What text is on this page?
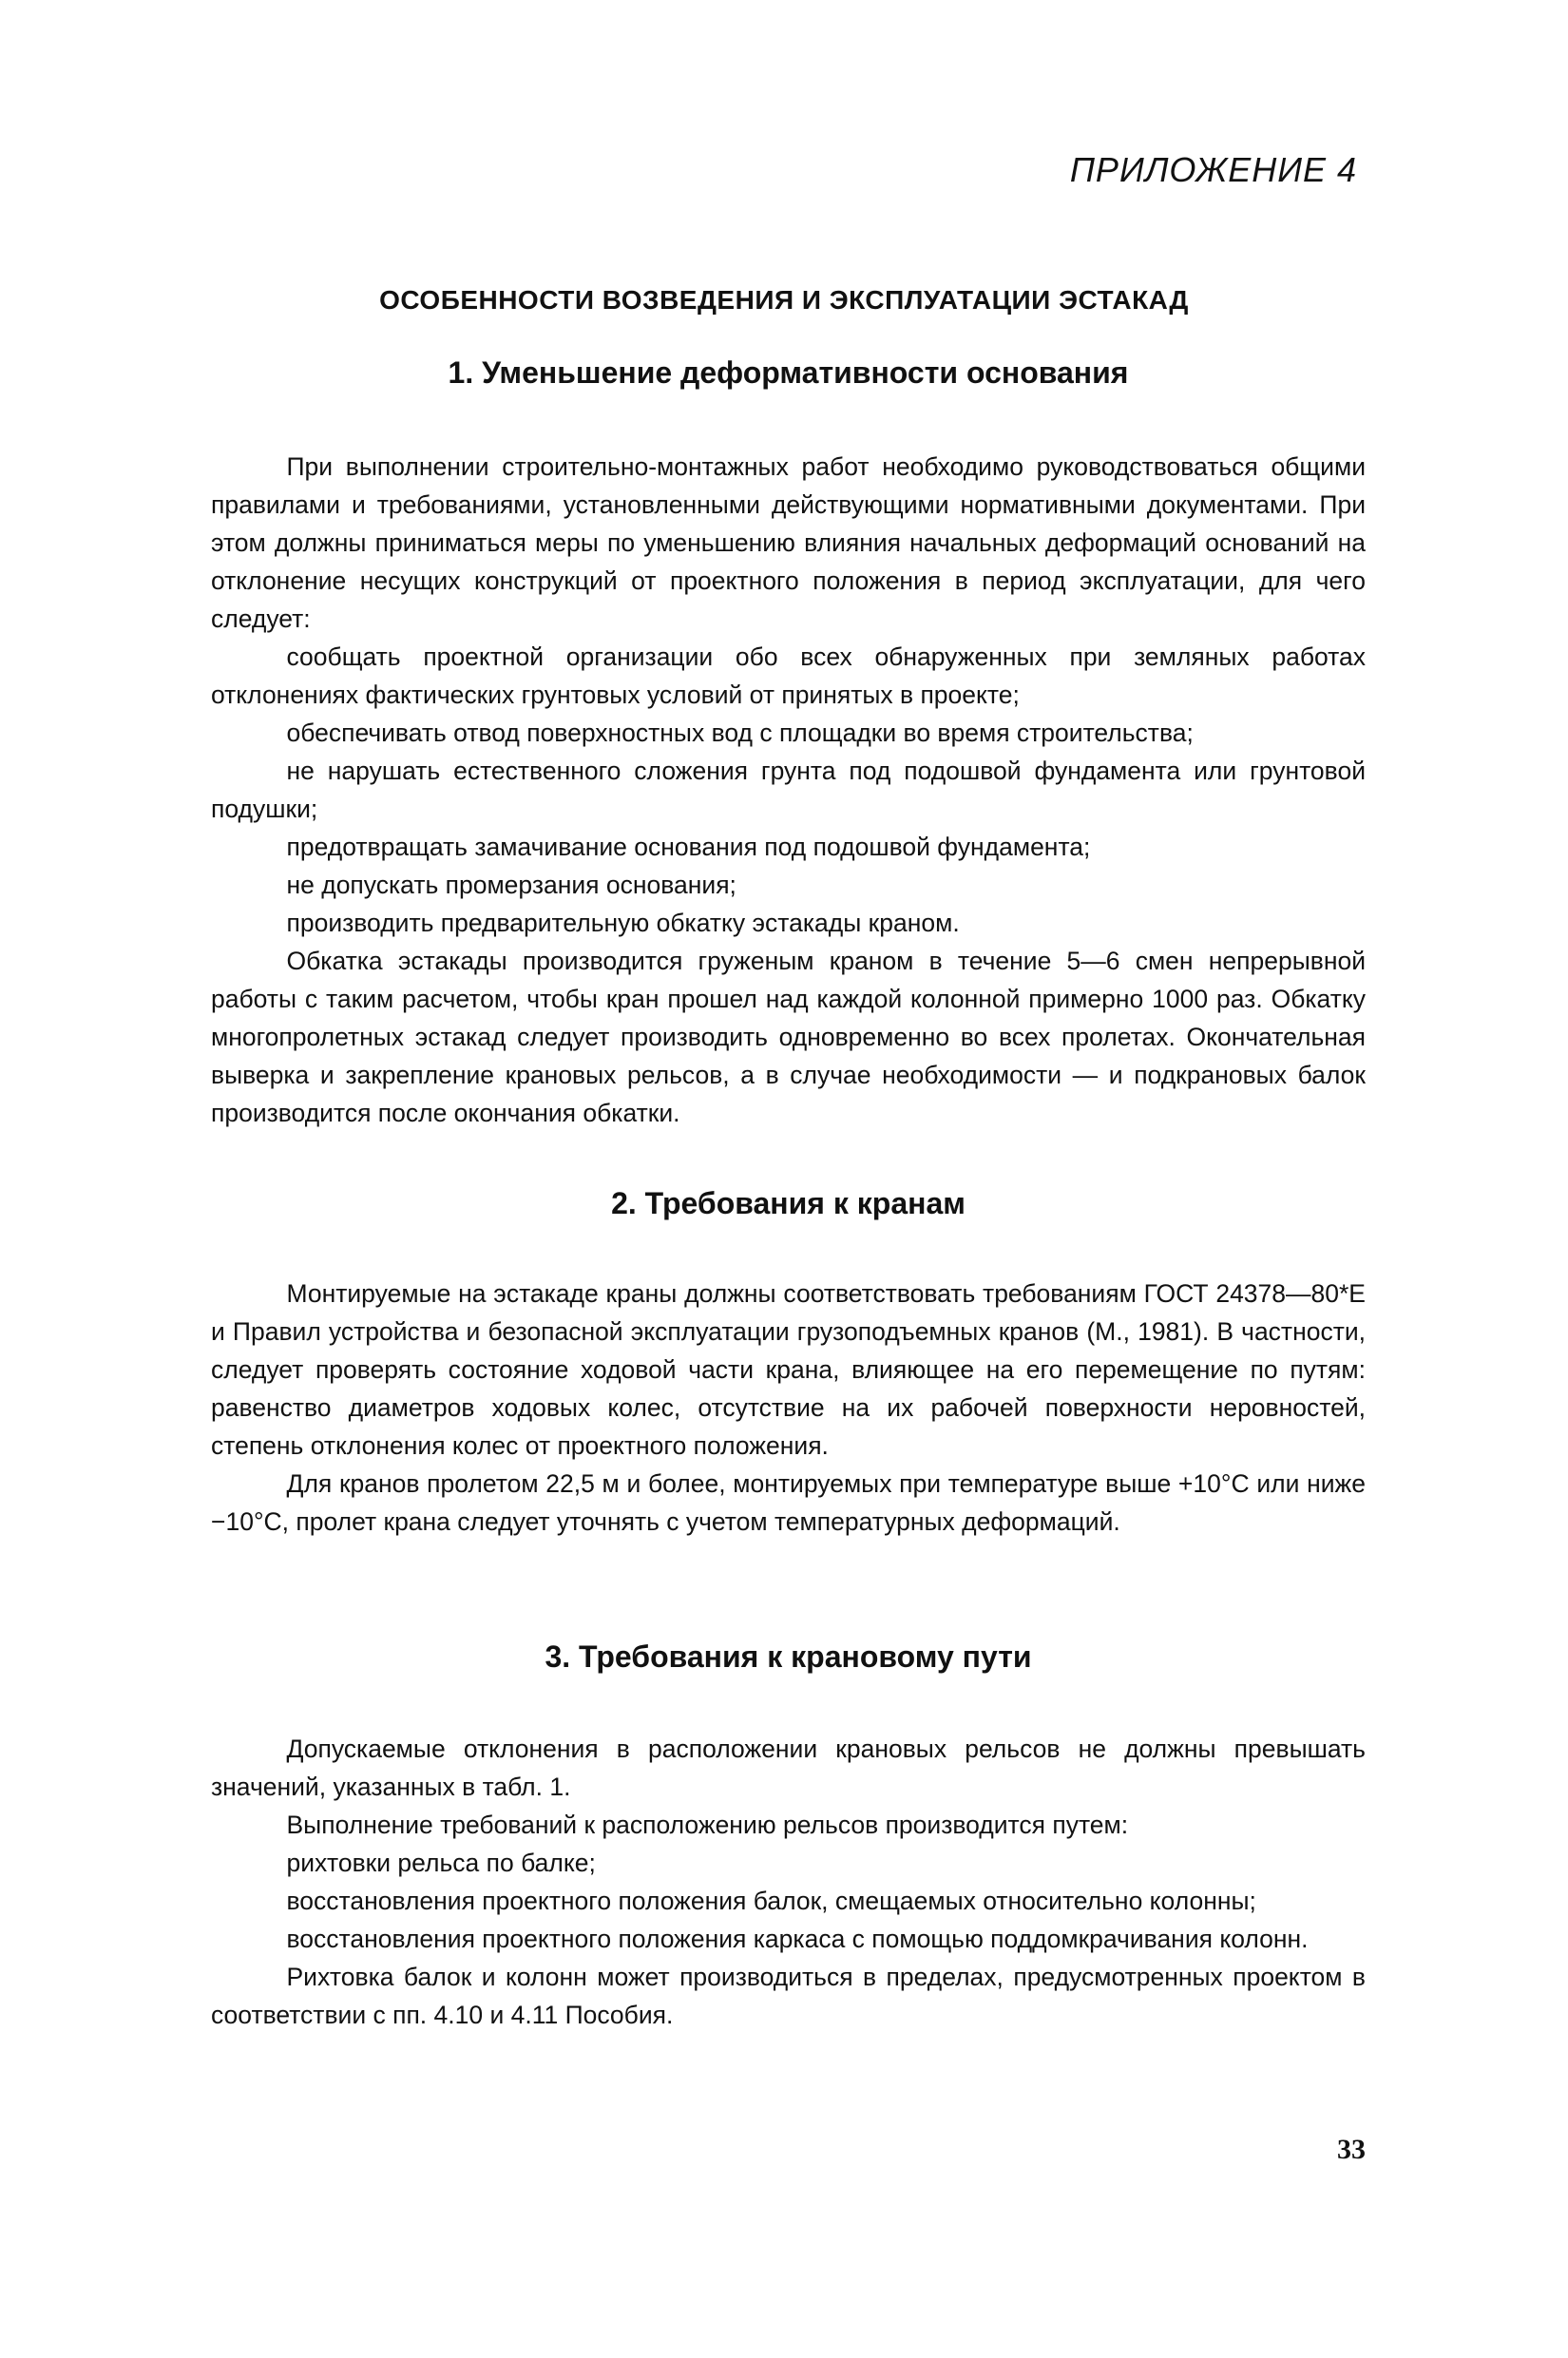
ПРИЛОЖЕНИЕ 4
ОСОБЕННОСТИ ВОЗВЕДЕНИЯ И ЭКСПЛУАТАЦИИ ЭСТАКАД
1. Уменьшение деформативности основания

При выполнении строительно-монтажных работ необходимо руководствоваться общими правилами и требованиями, установленными действующими нормативными документами. При этом должны приниматься меры по уменьшению влияния начальных деформаций оснований на отклонение несущих конструкций от проектного положения в период эксплуатации, для чего следует:

сообщать проектной организации обо всех обнаруженных при земляных работах отклонениях фактических грунтовых условий от принятых в проекте;

обеспечивать отвод поверхностных вод с площадки во время строительства;

не нарушать естественного сложения грунта под подошвой фундамента или грунтовой подушки;

предотвращать замачивание основания под подошвой фундамента;

не допускать промерзания основания;

производить предварительную обкатку эстакады краном.

Обкатка эстакады производится груженым краном в течение 5—6 смен непрерывной работы с таким расчетом, чтобы кран прошел над каждой колонной примерно 1000 раз. Обкатку многопролетных эстакад следует производить одновременно во всех пролетах. Окончательная выверка и закрепление крановых рельсов, а в случае необходимости — и подкрановых балок производится после окончания обкатки.

2. Требования к кранам

Монтируемые на эстакаде краны должны соответствовать требованиям ГОСТ 24378—80*Е и Правил устройства и безопасной эксплуатации грузоподъемных кранов (М., 1981). В частности, следует проверять состояние ходовой части крана, влияющее на его перемещение по путям: равенство диаметров ходовых колес, отсутствие на их рабочей поверхности неровностей, степень отклонения колес от проектного положения.

Для кранов пролетом 22,5 м и более, монтируемых при температуре выше +10°С или ниже −10°С, пролет крана следует уточнять с учетом температурных деформаций.

3. Требования к крановому пути

Допускаемые отклонения в расположении крановых рельсов не должны превышать значений, указанных в табл. 1.

Выполнение требований к расположению рельсов производится путем:

рихтовки рельса по балке;

восстановления проектного положения балок, смещаемых относительно колонны;

восстановления проектного положения каркаса с помощью поддомкрачивания колонн.

Рихтовка балок и колонн может производиться в пределах, предусмотренных проектом в соответствии с пп. 4.10 и 4.11 Пособия.

33
